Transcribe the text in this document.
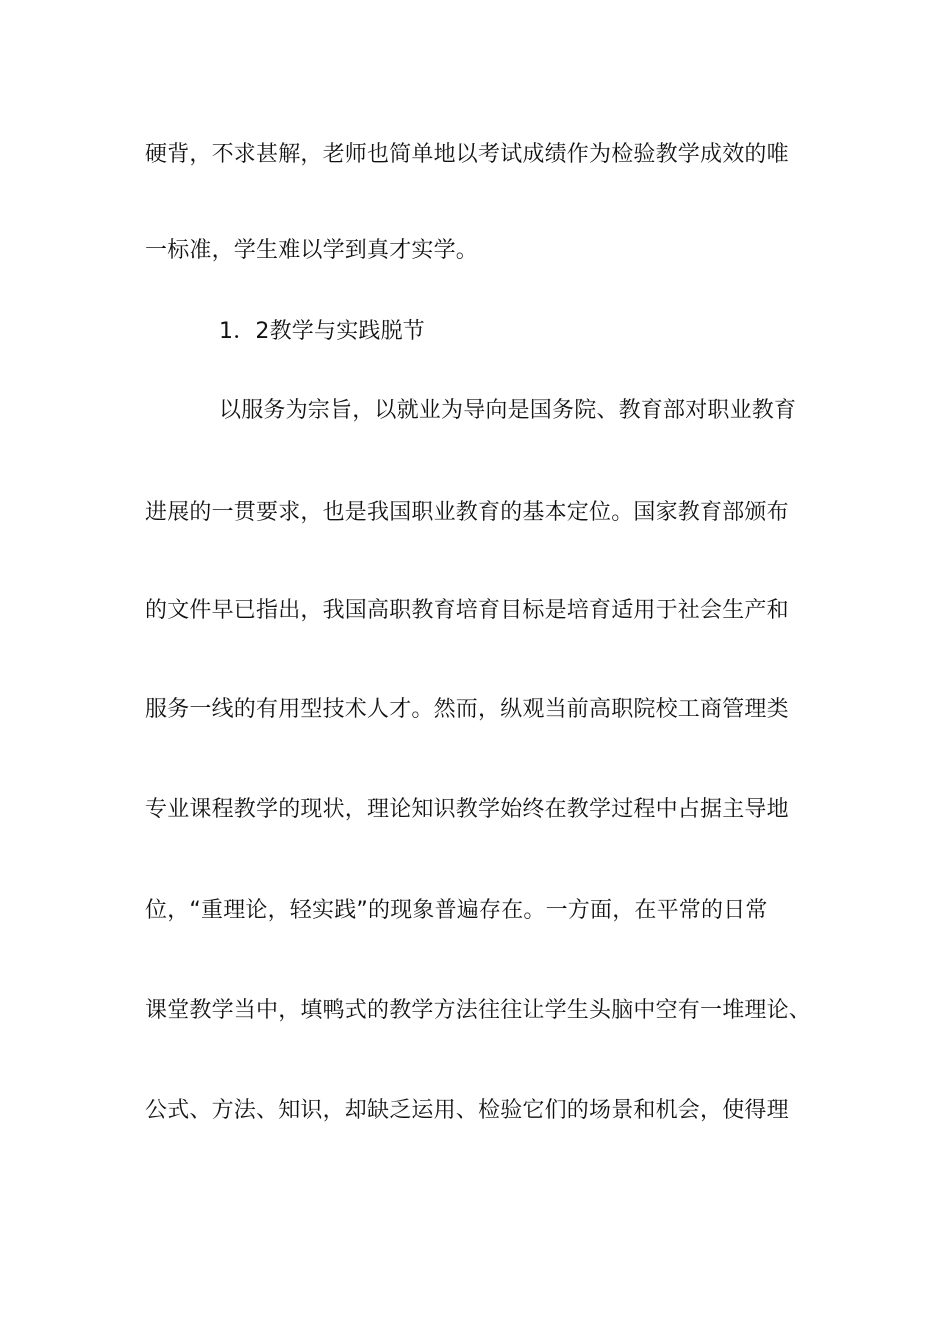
硬背，不求甚解，老师也简单地以考试成绩作为检验教学成效的唯
一标准，学生难以学到真才实学。
1．2教学与实践脱节
以服务为宗旨，以就业为导向是国务院、教育部对职业教育
进展的一贯要求，也是我国职业教育的基本定位。国家教育部颁布
的文件早已指出，我国高职教育培育目标是培育适用于社会生产和
服务一线的有用型技术人才。然而，纵观当前高职院校工商管理类
专业课程教学的现状，理论知识教学始终在教学过程中占据主导地
位，“重理论，轻实践”的现象普遍存在。一方面，在平常的日常
课堂教学当中，填鸭式的教学方法往往让学生头脑中空有一堆理论、
公式、方法、知识，却缺乏运用、检验它们的场景和机会，使得理
